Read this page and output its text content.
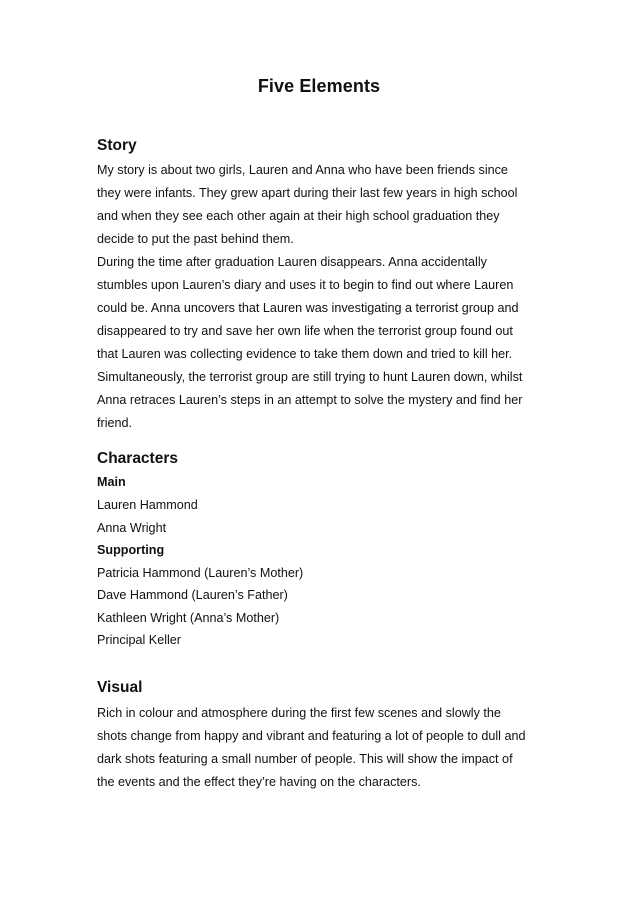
Five Elements
Story
My story is about two girls, Lauren and Anna who have been friends since
they were infants. They grew apart during their last few years in high school
and when they see each other again at their high school graduation they
decide to put the past behind them.
During the time after graduation Lauren disappears. Anna accidentally
stumbles upon Lauren’s diary and uses it to begin to find out where Lauren
could be. Anna uncovers that Lauren was investigating a terrorist group and
disappeared to try and save her own life when the terrorist group found out
that Lauren was collecting evidence to take them down and tried to kill her.
Simultaneously, the terrorist group are still trying to hunt Lauren down, whilst
Anna retraces Lauren’s steps in an attempt to solve the mystery and find her
friend.
Characters
Main
Lauren Hammond
Anna Wright
Supporting
Patricia Hammond (Lauren’s Mother)
Dave Hammond (Lauren’s Father)
Kathleen Wright (Anna’s Mother)
Principal Keller
Visual
Rich in colour and atmosphere during the first few scenes and slowly the
shots change from happy and vibrant and featuring a lot of people to dull and
dark shots featuring a small number of people. This will show the impact of
the events and the effect they’re having on the characters.
